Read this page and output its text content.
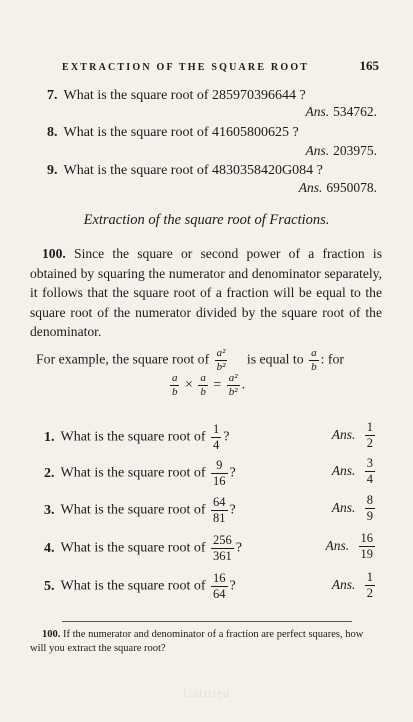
EXTRACTION OF THE SQUARE ROOT	165
7. What is the square root of 285970396644 ?
Ans. 534762.
8. What is the square root of 41605800625 ?
Ans. 203975.
9. What is the square root of 4830358420G084 ?
Ans. 6950078.
Extraction of the square root of Fractions.
100. Since the square or second power of a fraction is obtained by squaring the numerator and denominator separately, it follows that the square root of a fraction will be equal to the square root of the numerator divided by the square root of the denominator.
For example, the square root of $\frac{\text{a²}}{\text{b²}}$ is equal to $\frac{a}{b}$ : for
$\frac{a}{b} \times \frac{a}{b} = \frac{\text{a²}}{\text{b²}}$ .
1. What is the square root of $\frac{1}{4}$ ?	Ans. $\frac{1}{2}$
2. What is the square root of $\frac{9}{16}$ ?	Ans. $\frac{3}{4}$
3. What is the square root of $\frac{64}{81}$ ?	Ans. $\frac{8}{9}$
4. What is the square root of $\frac{256}{361}$ ?	Ans. $\frac{16}{19}$
5. What is the square root of $\frac{16}{64}$ ?	Ans. $\frac{1}{2}$
100. If the numerator and denominator of a fraction are perfect squares, how will you extract the square root?
Untitled
